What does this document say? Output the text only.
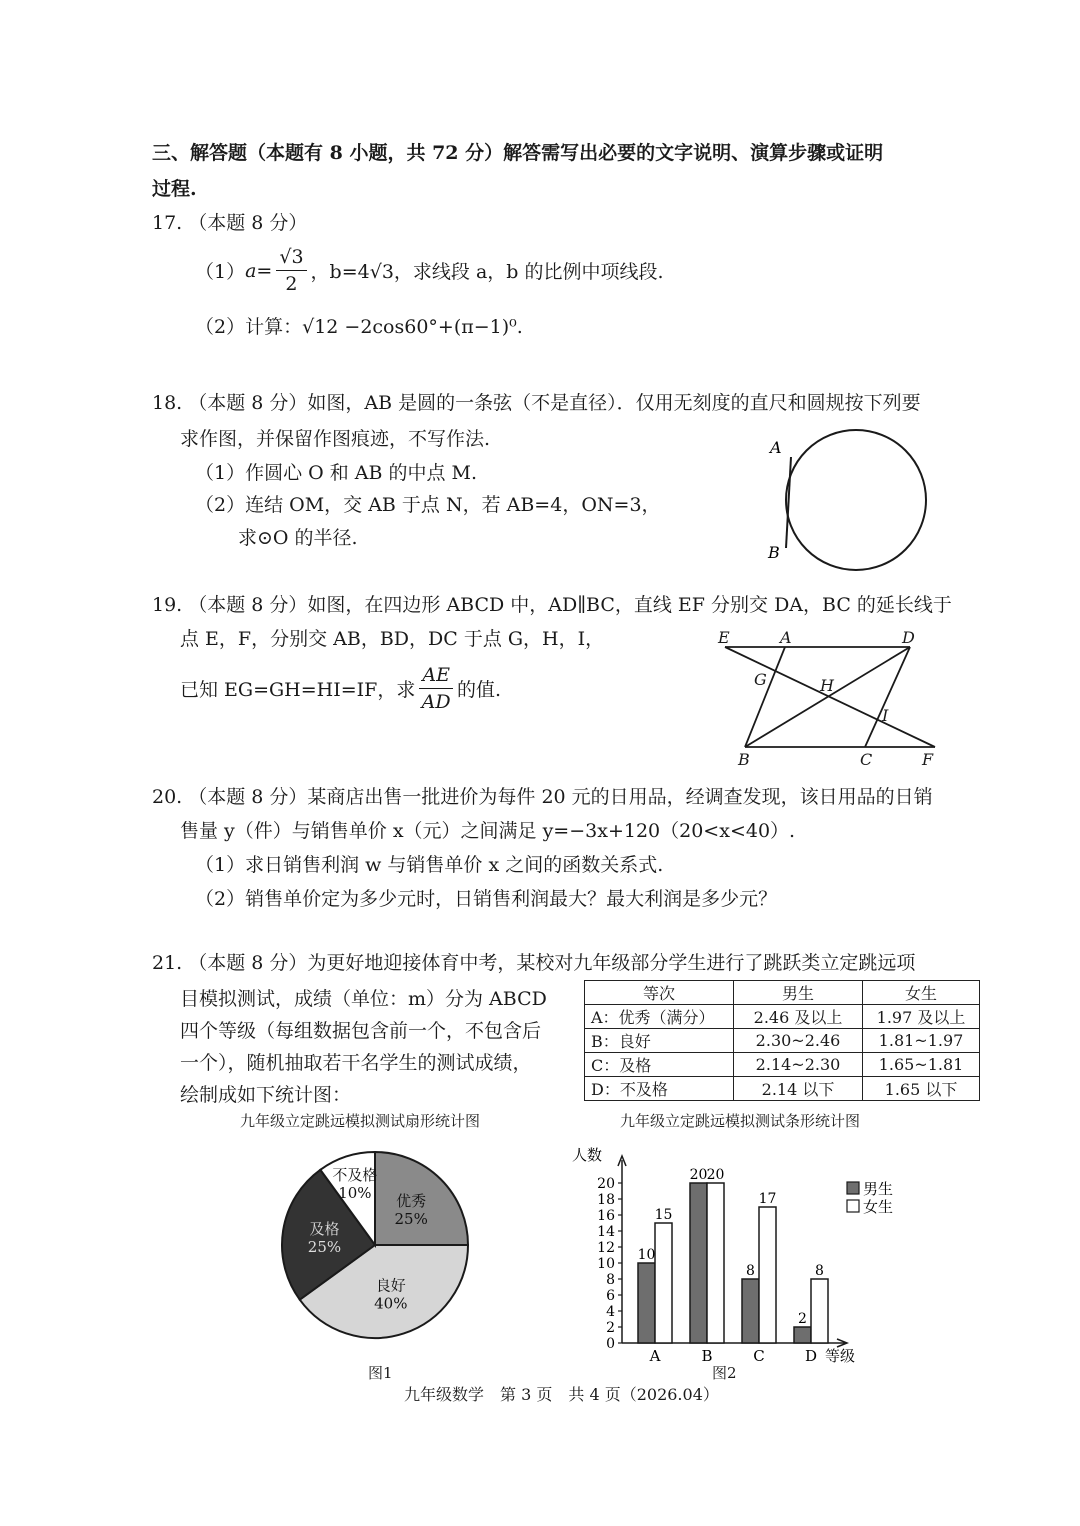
三、解答题（本题有 8 小题，共 72 分）解答需写出必要的文字说明、演算步骤或证明
过程.
17. （本题 8 分）
（1） $a= \frac{√3}{2}$ ，b=4√3，求线段 a，b 的比例中项线段.
（2）计算：√12 −2cos60°+(π−1)⁰.
18. （本题 8 分）如图，AB 是圆的一条弦（不是直径）．仅用无刻度的直尺和圆规按下列要
求作图，并保留作图痕迹，不写作法.
（1）作圆心 O 和 AB 的中点 M.
（2）连结 OM，交 AB 于点 N，若 AB=4，ON=3，
求⊙O 的半径.
A
B
19. （本题 8 分）如图，在四边形 ABCD 中，AD∥BC，直线 EF 分别交 DA，BC 的延长线于
点 E，F，分别交 AB，BD，DC 于点 G，H，I，
已知 EG=GH=HI=IF，求 $\frac{AE}{AD}$ 的值.
E	A	D
G	H
I
B	C	F
20. （本题 8 分）某商店出售一批进价为每件 20 元的日用品，经调查发现，该日用品的日销
售量 y（件）与销售单价 x（元）之间满足 y=−3x+120（20<x<40）.
（1）求日销售利润 w 与销售单价 x 之间的函数关系式.
（2）销售单价定为多少元时，日销售利润最大？最大利润是多少元？
21. （本题 8 分）为更好地迎接体育中考，某校对九年级部分学生进行了跳跃类立定跳远项
目模拟测试，成绩（单位：m）分为 ABCD
四个等级（每组数据包含前一个，不包含后
一个），随机抽取若干名学生的测试成绩，
绘制成如下统计图：
等次	男生	女生
A：优秀（满分）	2.46 及以上	1.97 及以上
B：良好	2.30~2.46	1.81~1.97
C：及格	2.14~2.30	1.65~1.81
D：不及格	2.14 以下	1.65 以下
九年级立定跳远模拟测试扇形统计图	九年级立定跳远模拟测试条形统计图
优秀
25%
良好
40%
及格
25%
不及格
10%
人数
等级
0
2
4
6
8
10
12
14
16
18
20
A	B	C	D
10
15
20 20
8
17
2
8
男生
女生
图1	图2
九年级数学　第 3 页　共 4 页（2026.04）
